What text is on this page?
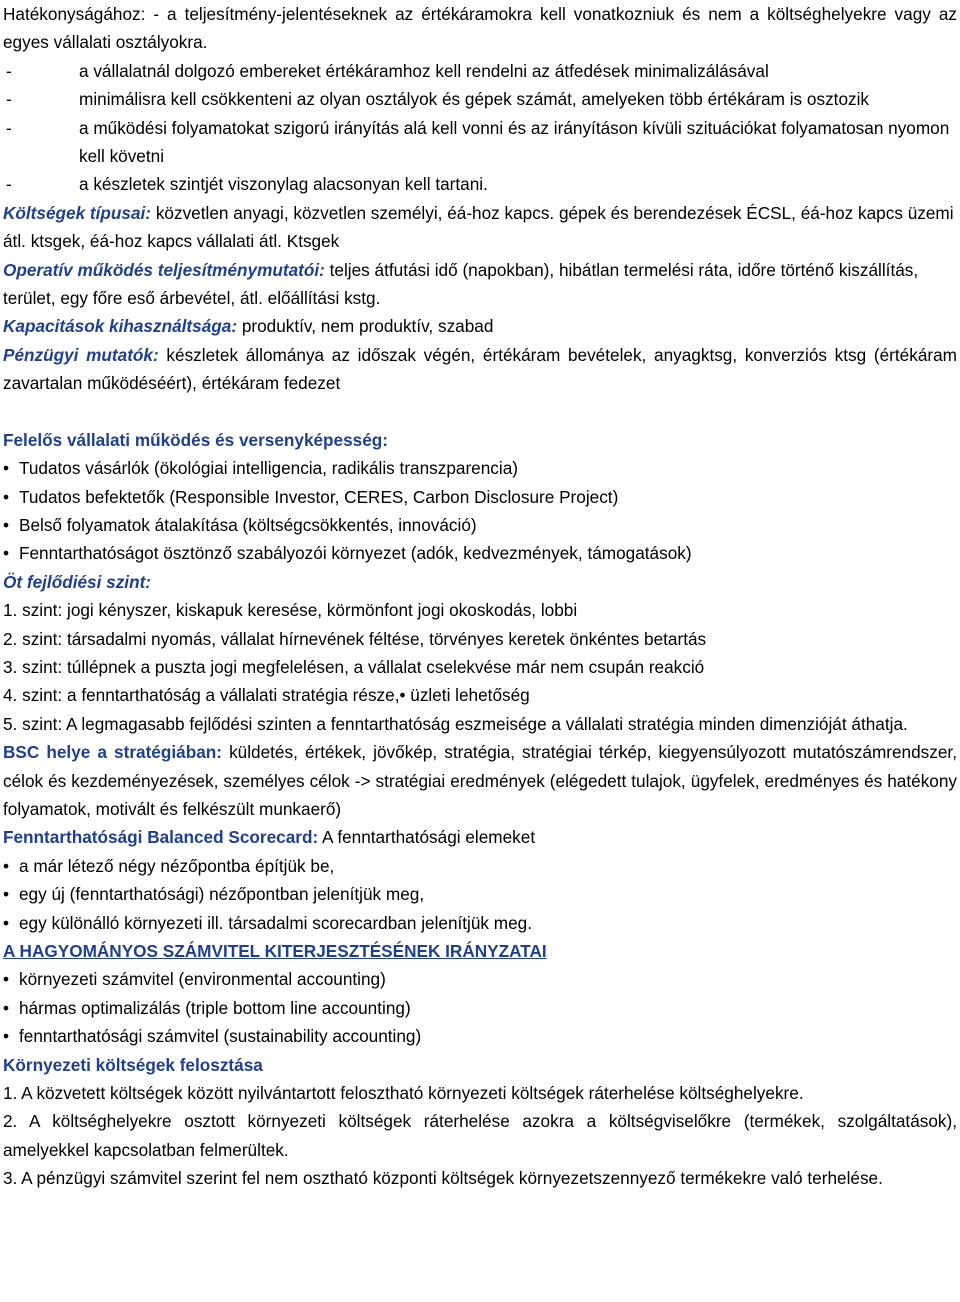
Hatékonyságához: - a teljesítmény-jelentéseknek az értékáramokra kell vonatkozniuk és nem a költséghelyekre vagy az egyes vállalati osztályokra.

-	a vállalatnál dolgozó embereket értékáramhoz kell rendelni az átfedések minimalizálásával
-	minimálisra kell csökkenteni az olyan osztályok és gépek számát, amelyeken több értékáram is osztozik
-	a működési folyamatokat szigorú irányítás alá kell vonni és az irányításon kívüli szituációkat folyamatosan nyomon kell követni
-	a készletek szintjét viszonylag alacsonyan kell tartani.

Költségek típusai: közvetlen anyagi, közvetlen személyi, éá-hoz kapcs. gépek és berendezések ÉCSL, éá-hoz kapcs üzemi átl. ktsgek, éá-hoz kapcs vállalati átl. Ktsgek

Operatív működés teljesítménymutatói: teljes átfutási idő (napokban), hibátlan termelési ráta, időre történő kiszállítás, terület, egy főre eső árbevétel, átl. előállítási kstg.

Kapacitások kihasználtsága: produktív, nem produktív, szabad

Pénzügyi mutatók: készletek állománya az időszak végén, értékáram bevételek, anyagktsg, konverziós ktsg (értékáram zavartalan működéséért), értékáram fedezet

Felelős vállalati működés és versenyképesség:

•Tudatos vásárlók (ökológiai intelligencia, radikális transzparencia)

•Tudatos befektetők (Responsible Investor, CERES, Carbon Disclosure Project)

•Belső folyamatok átalakítása (költségcsökkentés, innováció)

•Fenntarthatóságot ösztönző szabályozói környezet (adók, kedvezmények, támogatások)

Öt fejlődiési szint:

1. szint: jogi kényszer, kiskapuk keresése, körmönfont jogi okoskodás, lobbi

2. szint: társadalmi nyomás, vállalat hírnevének féltése, törvényes keretek önkéntes betartás

3. szint: túllépnek a puszta jogi megfelelésen, a vállalat cselekvése már nem csupán reakció

4. szint: a fenntarthatóság a vállalati stratégia része,• üzleti lehetőség

5. szint: A legmagasabb fejlődési szinten a fenntarthatóság eszmeisége a vállalati stratégia minden dimenzióját áthatja.

BSC helye a stratégiában: küldetés, értékek, jövőkép, stratégia, stratégiai térkép, kiegyensúlyozott mutatószámrendszer, célok és kezdeményezések, személyes célok -> stratégiai eredmények (elégedett tulajok, ügyfelek, eredményes és hatékony folyamatok, motivált és felkészült munkaerő)

Fenntarthatósági Balanced Scorecard: A fenntarthatósági elemeket

•a már létező négy nézőpontba építjük be,

•egy új (fenntarthatósági) nézőpontban jelenítjük meg,

•egy különálló környezeti ill. társadalmi scorecardban jelenítjük meg.

A HAGYOMÁNYOS SZÁMVITEL KITERJESZTÉSÉNEK IRÁNYZATAI

•környezeti számvitel (environmental accounting)

•hármas optimalizálás (triple bottom line accounting)

•fenntarthatósági számvitel (sustainability accounting)

Környezeti költségek felosztása

1. A közvetett költségek között nyilvántartott felosztható környezeti költségek ráterhelése költséghelyekre.

2. A költséghelyekre osztott környezeti költségek ráterhelése azokra a költségviselőkre (termékek, szolgáltatások), amelyekkel kapcsolatban felmerültek.

3. A pénzügyi számvitel szerint fel nem osztható központi költségek környezetszennyező termékekre való terhelése.
